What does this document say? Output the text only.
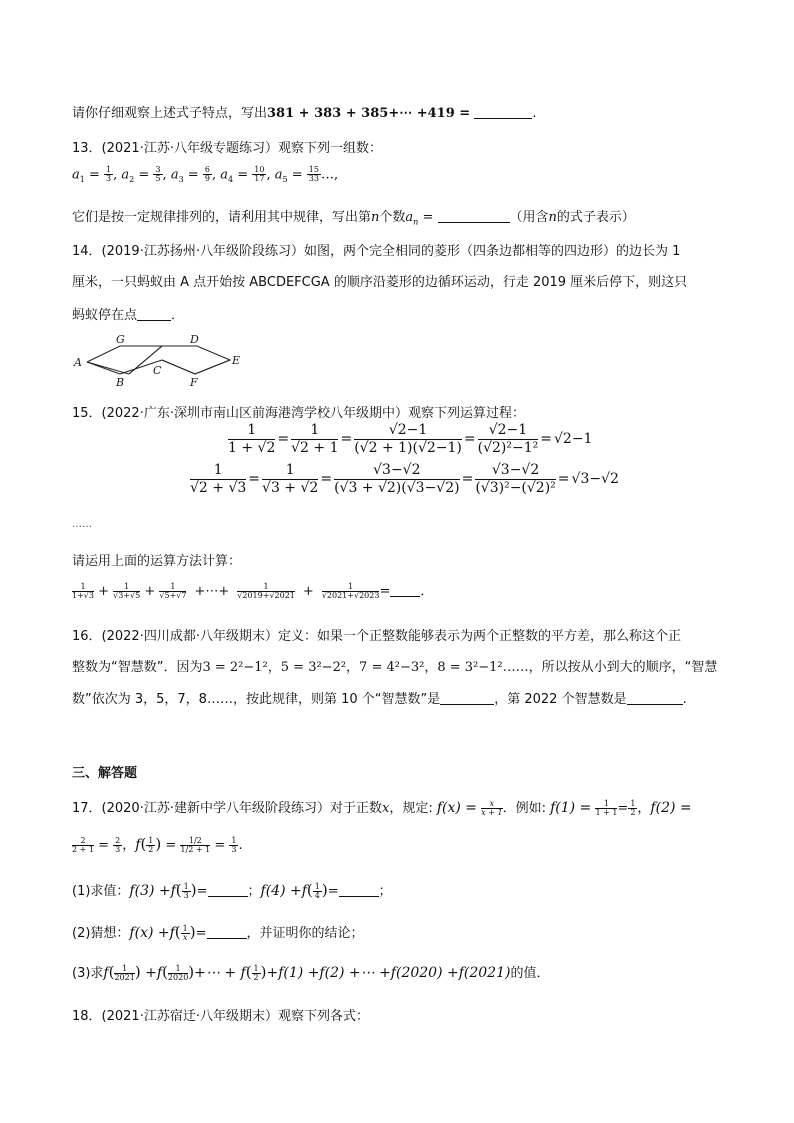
请你仔细观察上述式子特点，写出381 + 383 + 385+⋯ +419 =	.
13．(2021·江苏·八年级专题练习）观察下列一组数：
$a_1 = \frac{1}{3}$ , $a_2 = \frac{3}{5}$ , $a_3 = \frac{6}{9}$ , $a_4 = \frac{10}{17}$ , $a_5 = \frac{15}{33}$ …,
它们是按一定规律排列的，请利用其中规律，写出第n个数$a_n$ =	（用含n的式子表示）
14．(2019·江苏扬州·八年级阶段练习）如图，两个完全相同的菱形（四条边都相等的四边形）的边长为 1
厘米，一只蚂蚁由 A 点开始按 ABCDEFCGA 的顺序沿菱形的边循环运动，行走 2019 厘米后停下，则这只
蚂蚁停在点	．
A
G
B
C
D
F
E
15．(2022·广东·深圳市南山区前海港湾学校八年级期中）观察下列运算过程：
$\frac{1}{1 + √2} = \frac{1}{√2 + 1} = \frac{√2-1}{(√2 + 1)(√2-1)} = \frac{√2-1}{\text{(√2)²−1²}} = √2-1$
$\frac{1}{√2 + √3} = \frac{1}{√3 + √2} = \frac{√3-√2}{(√3 + √2)(√3-√2)} = \frac{√3-√2}{\text{(√3)²−(√2)²}} = √3-√2$
……
请运用上面的运算方法计算：
$\frac{1}{1+√3} + \frac{1}{√3+√5} + \frac{1}{√5+√7}$ +⋯+ $\frac{1}{√2019+√2021} + \frac{1}{√2021+√2023}$ = ．
16．(2022·四川成都·八年级期末）定义：如果一个正整数能够表示为两个正整数的平方差，那么称这个正
整数为“智慧数”．因为3 = 2²−1²，5 = 3²−2²，7 = 4²−3²，8 = 3²−1²……，所以按从小到大的顺序，“智慧
数”依次为 3，5，7，8……，按此规律，则第 10 个“智慧数”是	，第 2022 个智慧数是	.
三、解答题
17．(2020·江苏·建新中学八年级阶段练习）对于正数x，规定: $f(x) = \frac{x}{x + 1}$ ．例如: $f(1) = \frac{1}{1 + 1} = \frac{1}{2}$ ，f(2) =
$\frac{2}{2 + 1} = \frac{2}{3}$ ，$f( \frac{1}{2}$ ) = $\frac{1/2}{1/2 + 1} = \frac{1}{3}$ .
(1)求值：$f(3) +f( \frac{1}{3}$ )=	；$f(4) +f( \frac{1}{4}$ )=	；
(2)猜想：$f(x) +f( \frac{1}{x}$ )=	，并证明你的结论；
(3)求$f( \frac{1}{2021}$ ) $+f( \frac{1}{2020}$ )+⋯ + $f( \frac{1}{2} )+f(1) +f(2)$ +⋯ +f(2020) +f(2021)的值．
18．(2021·江苏宿迁·八年级期末）观察下列各式：
